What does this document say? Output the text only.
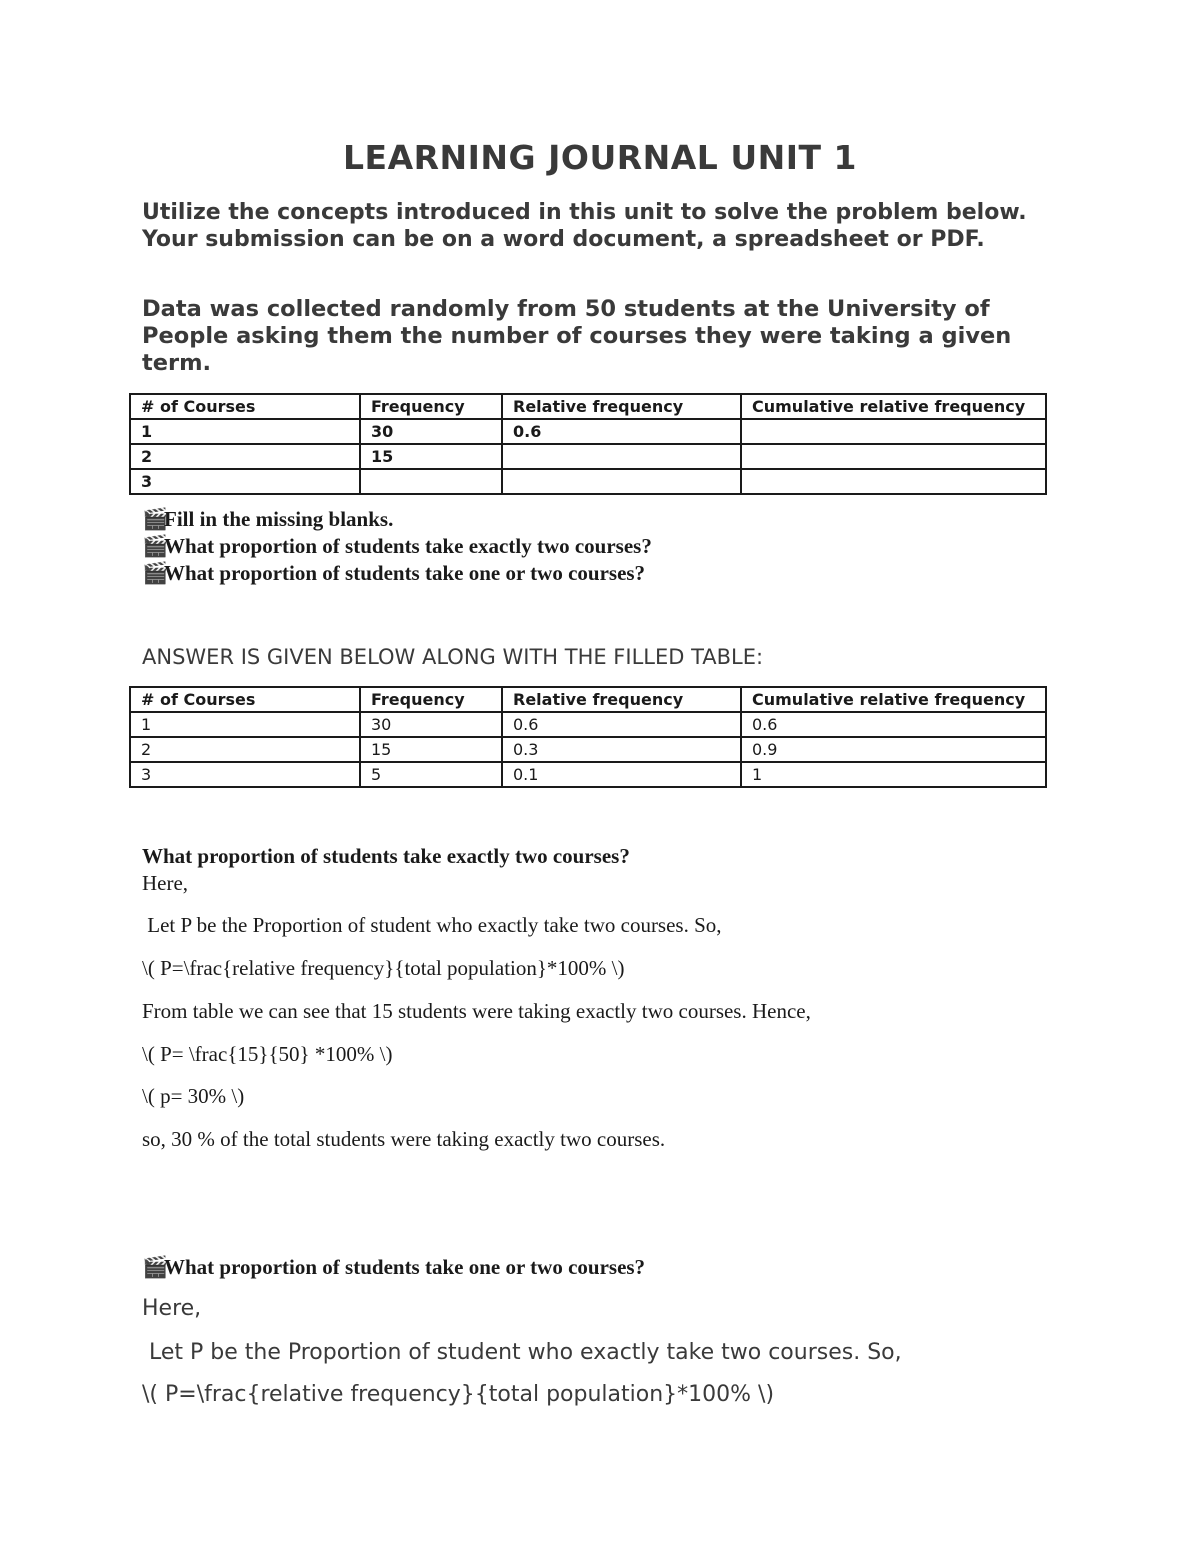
LEARNING JOURNAL UNIT 1
Utilize the concepts introduced in this unit to solve the problem below. Your submission can be on a word document, a spreadsheet or PDF.
Data was collected randomly from 50 students at the University of People asking them the number of courses they were taking a given term.
# of Courses	Frequency	Relative frequency	Cumulative relative frequency
1	30	0.6	
2	15		
3			
🎬Fill in the missing blanks.
🎬What proportion of students take exactly two courses?
🎬What proportion of students take one or two courses?
ANSWER IS GIVEN BELOW ALONG WITH THE FILLED TABLE:
# of Courses	Frequency	Relative frequency	Cumulative relative frequency
1	30	0.6	0.6
2	15	0.3	0.9
3	5	0.1	1
What proportion of students take exactly two courses?
Here,
Let P be the Proportion of student who exactly take two courses. So,
\( P=\frac{relative frequency}{total population}*100% \)
From table we can see that 15 students were taking exactly two courses. Hence,
\( P= \frac{15}{50} *100% \)
\( p= 30% \)
so, 30 % of the total students were taking exactly two courses.
🎬What proportion of students take one or two courses?
Here,
Let P be the Proportion of student who exactly take two courses. So,
\( P=\frac{relative frequency}{total population}*100% \)
